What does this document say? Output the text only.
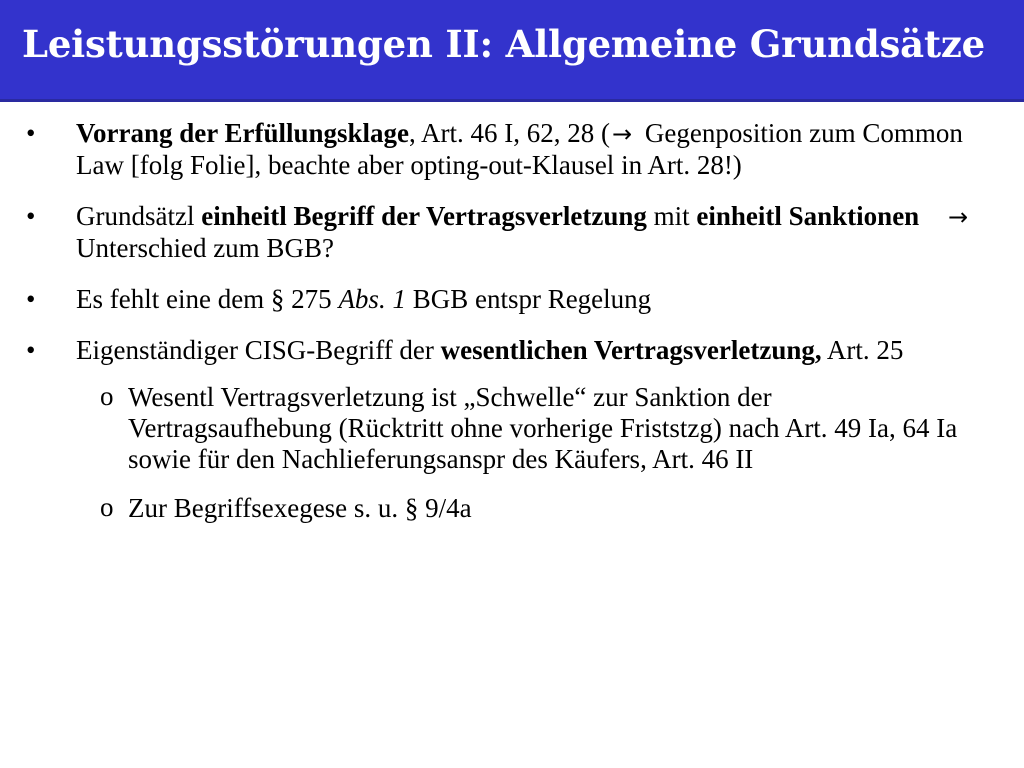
Leistungsstörungen II: Allgemeine Grundsätze
•	Vorrang der Erfüllungsklage, Art. 46 I, 62, 28 (→ Gegenposition zum Common Law [folg Folie], beachte aber opting-out-Klausel in Art. 28!)
•	Grundsätzl einheitl Begriff der Vertragsverletzung mit einheitl Sanktionen → Unterschied zum BGB?
•	Es fehlt eine dem § 275 Abs. 1 BGB entspr Regelung
•	Eigenständiger CISG-Begriff der wesentlichen Vertragsverletzung, Art. 25
o Wesentl Vertragsverletzung ist „Schwelle“ zur Sanktion der Vertragsaufhebung (Rücktritt ohne vorherige Friststzg) nach Art. 49 Ia, 64 Ia sowie für den Nachlieferungsanspr des Käufers, Art. 46 II
o Zur Begriffsexegese s. u. § 9/4a
